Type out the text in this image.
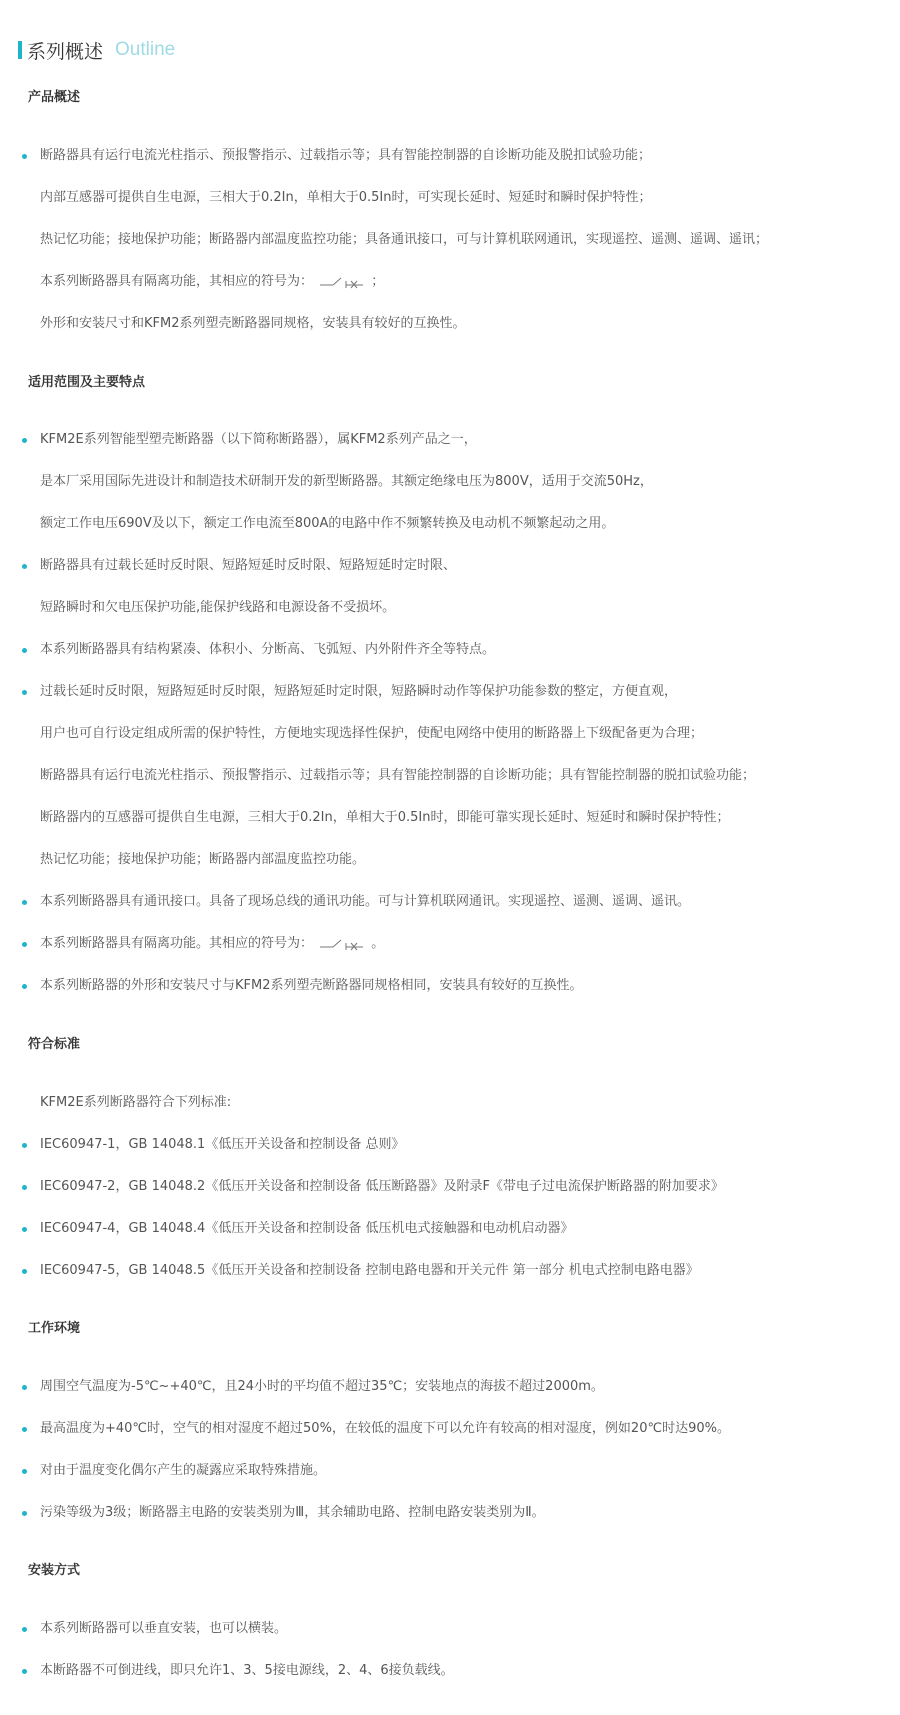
系列概述 Outline
产品概述
断路器具有运行电流光柱指示、预报警指示、过载指示等；具有智能控制器的自诊断功能及脱扣试验功能；
内部互感器可提供自生电源，三相大于0.2In，单相大于0.5In时，可实现长延时、短延时和瞬时保护特性；
热记忆功能；接地保护功能；断路器内部温度监控功能；具备通讯接口，可与计算机联网通讯，实现遥控、遥测、遥调、遥讯；
本系列断路器具有隔离功能，其相应的符号为：	；
外形和安装尺寸和KFM2系列塑壳断路器同规格，安装具有较好的互换性。
适用范围及主要特点
KFM2E系列智能型塑壳断路器（以下简称断路器），属KFM2系列产品之一，
是本厂采用国际先进设计和制造技术研制开发的新型断路器。其额定绝缘电压为800V，适用于交流50Hz，
额定工作电压690V及以下，额定工作电流至800A的电路中作不频繁转换及电动机不频繁起动之用。
断路器具有过载长延时反时限、短路短延时反时限、短路短延时定时限、
短路瞬时和欠电压保护功能,能保护线路和电源设备不受损坏。
本系列断路器具有结构紧凑、体积小、分断高、飞弧短、内外附件齐全等特点。
过载长延时反时限，短路短延时反时限，短路短延时定时限，短路瞬时动作等保护功能参数的整定，方便直观，
用户也可自行设定组成所需的保护特性，方便地实现选择性保护，使配电网络中使用的断路器上下级配备更为合理；
断路器具有运行电流光柱指示、预报警指示、过载指示等；具有智能控制器的自诊断功能；具有智能控制器的脱扣试验功能；
断路器内的互感器可提供自生电源，三相大于0.2In，单相大于0.5In时，即能可靠实现长延时、短延时和瞬时保护特性；
热记忆功能；接地保护功能；断路器内部温度监控功能。
本系列断路器具有通讯接口。具备了现场总线的通讯功能。可与计算机联网通讯。实现遥控、遥测、遥调、遥讯。
本系列断路器具有隔离功能。其相应的符号为：	。
本系列断路器的外形和安装尺寸与KFM2系列塑壳断路器同规格相同，安装具有较好的互换性。
符合标准
KFM2E系列断路器符合下列标准:
IEC60947-1，GB 14048.1《低压开关设备和控制设备 总则》
IEC60947-2，GB 14048.2《低压开关设备和控制设备 低压断路器》及附录F《带电子过电流保护断路器的附加要求》
IEC60947-4，GB 14048.4《低压开关设备和控制设备 低压机电式接触器和电动机启动器》
IEC60947-5，GB 14048.5《低压开关设备和控制设备 控制电路电器和开关元件 第一部分 机电式控制电路电器》
工作环境
周围空气温度为-5℃~+40℃，且24小时的平均值不超过35℃；安装地点的海拔不超过2000m。
最高温度为+40℃时，空气的相对湿度不超过50%，在较低的温度下可以允许有较高的相对湿度，例如20℃时达90%。
对由于温度变化偶尔产生的凝露应采取特殊措施。
污染等级为3级；断路器主电路的安装类别为Ⅲ，其余辅助电路、控制电路安装类别为Ⅱ。
安装方式
本系列断路器可以垂直安装，也可以横装。
本断路器不可倒进线，即只允许1、3、5接电源线，2、4、6接负载线。
